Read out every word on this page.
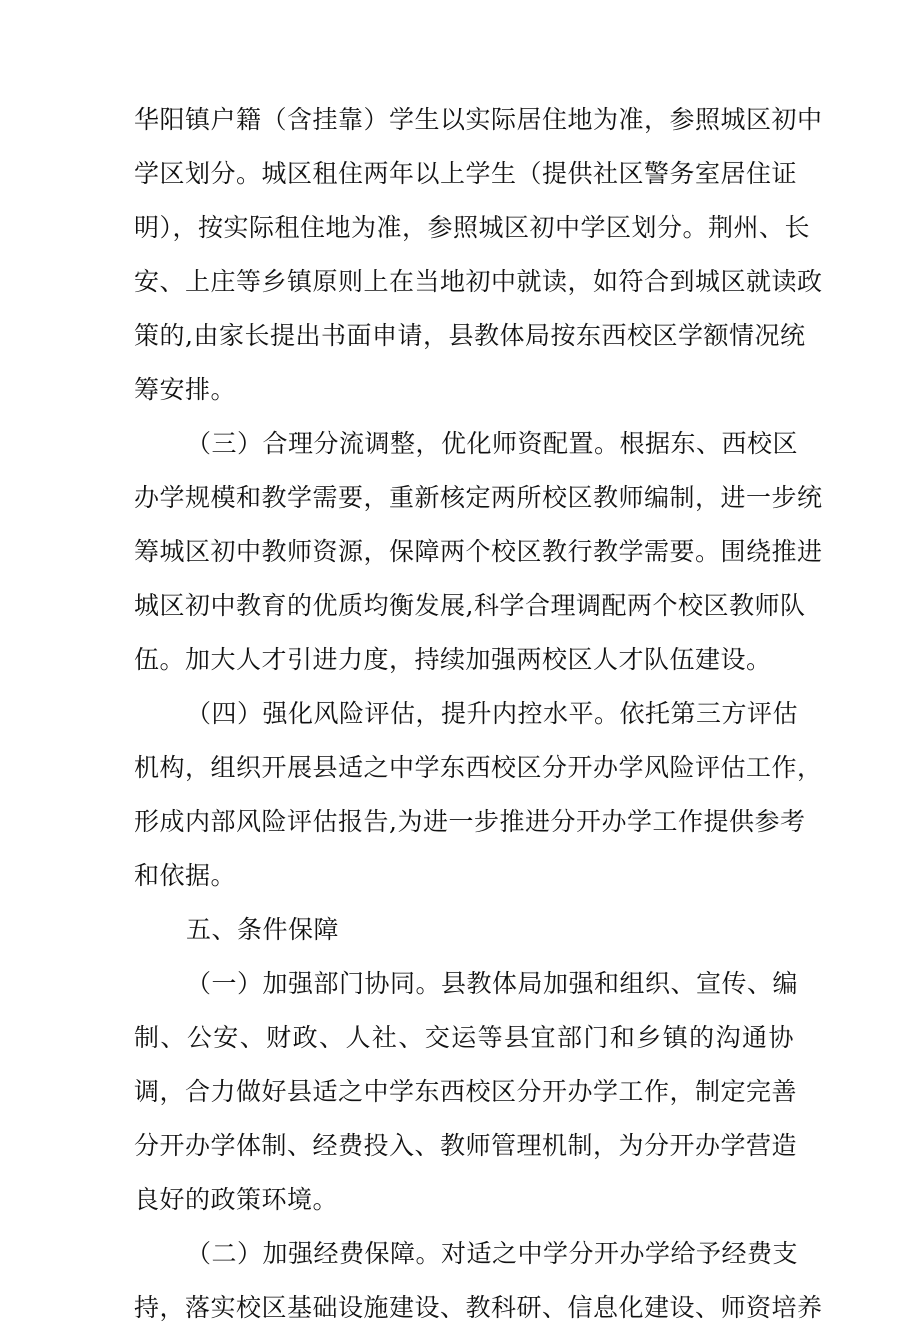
华阳镇户籍（含挂靠）学生以实际居住地为准，参照城区初中
学区划分。城区租住两年以上学生（提供社区警务室居住证
明），按实际租住地为准，参照城区初中学区划分。荆州、长
安、上庄等乡镇原则上在当地初中就读，如符合到城区就读政
策的,由家长提出书面申请，县教体局按东西校区学额情况统
筹安排。
（三）合理分流调整，优化师资配置。根据东、西校区
办学规模和教学需要，重新核定两所校区教师编制，进一步统
筹城区初中教师资源，保障两个校区教行教学需要。围绕推进
城区初中教育的优质均衡发展,科学合理调配两个校区教师队
伍。加大人才引进力度，持续加强两校区人才队伍建设。
（四）强化风险评估，提升内控水平。依托第三方评估
机构，组织开展县适之中学东西校区分开办学风险评估工作，
形成内部风险评估报告,为进一步推进分开办学工作提供参考
和依据。
五、条件保障
（一）加强部门协同。县教体局加强和组织、宣传、编
制、公安、财政、人社、交运等县宜部门和乡镇的沟通协
调，合力做好县适之中学东西校区分开办学工作，制定完善
分开办学体制、经费投入、教师管理机制，为分开办学营造
良好的政策环境。
（二）加强经费保障。对适之中学分开办学给予经费支
持，落实校区基础设施建设、教科研、信息化建设、师资培养
